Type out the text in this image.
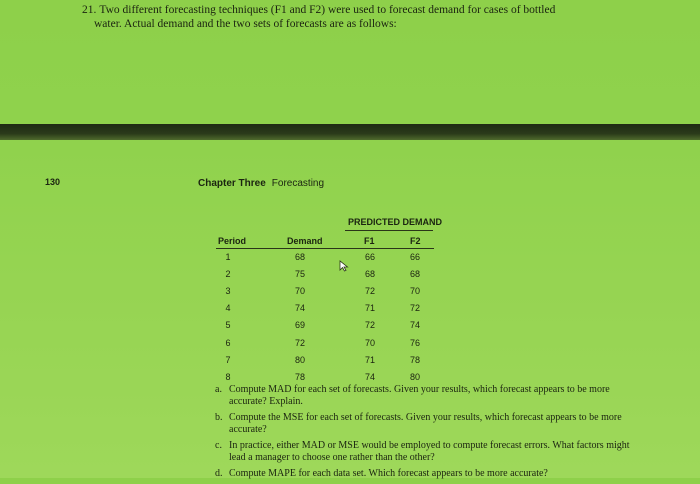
21. Two different forecasting techniques (F1 and F2) were used to forecast demand for cases of bottled
water. Actual demand and the two sets of forecasts are as follows:
130	Chapter Three Forecasting
PREDICTED DEMAND
Period	Demand	F1	F2
1	68	66	66
2	75	68	68
3	70	72	70
4	74	71	72
5	69	72	74
6	72	70	76
7	80	71	78
8	78	74	80
a. Compute MAD for each set of forecasts. Given your results, which forecast appears to be more accurate? Explain.
b. Compute the MSE for each set of forecasts. Given your results, which forecast appears to be more accurate?
c. In practice, either MAD or MSE would be employed to compute forecast errors. What factors might lead a manager to choose one rather than the other?
d. Compute MAPE for each data set. Which forecast appears to be more accurate?
